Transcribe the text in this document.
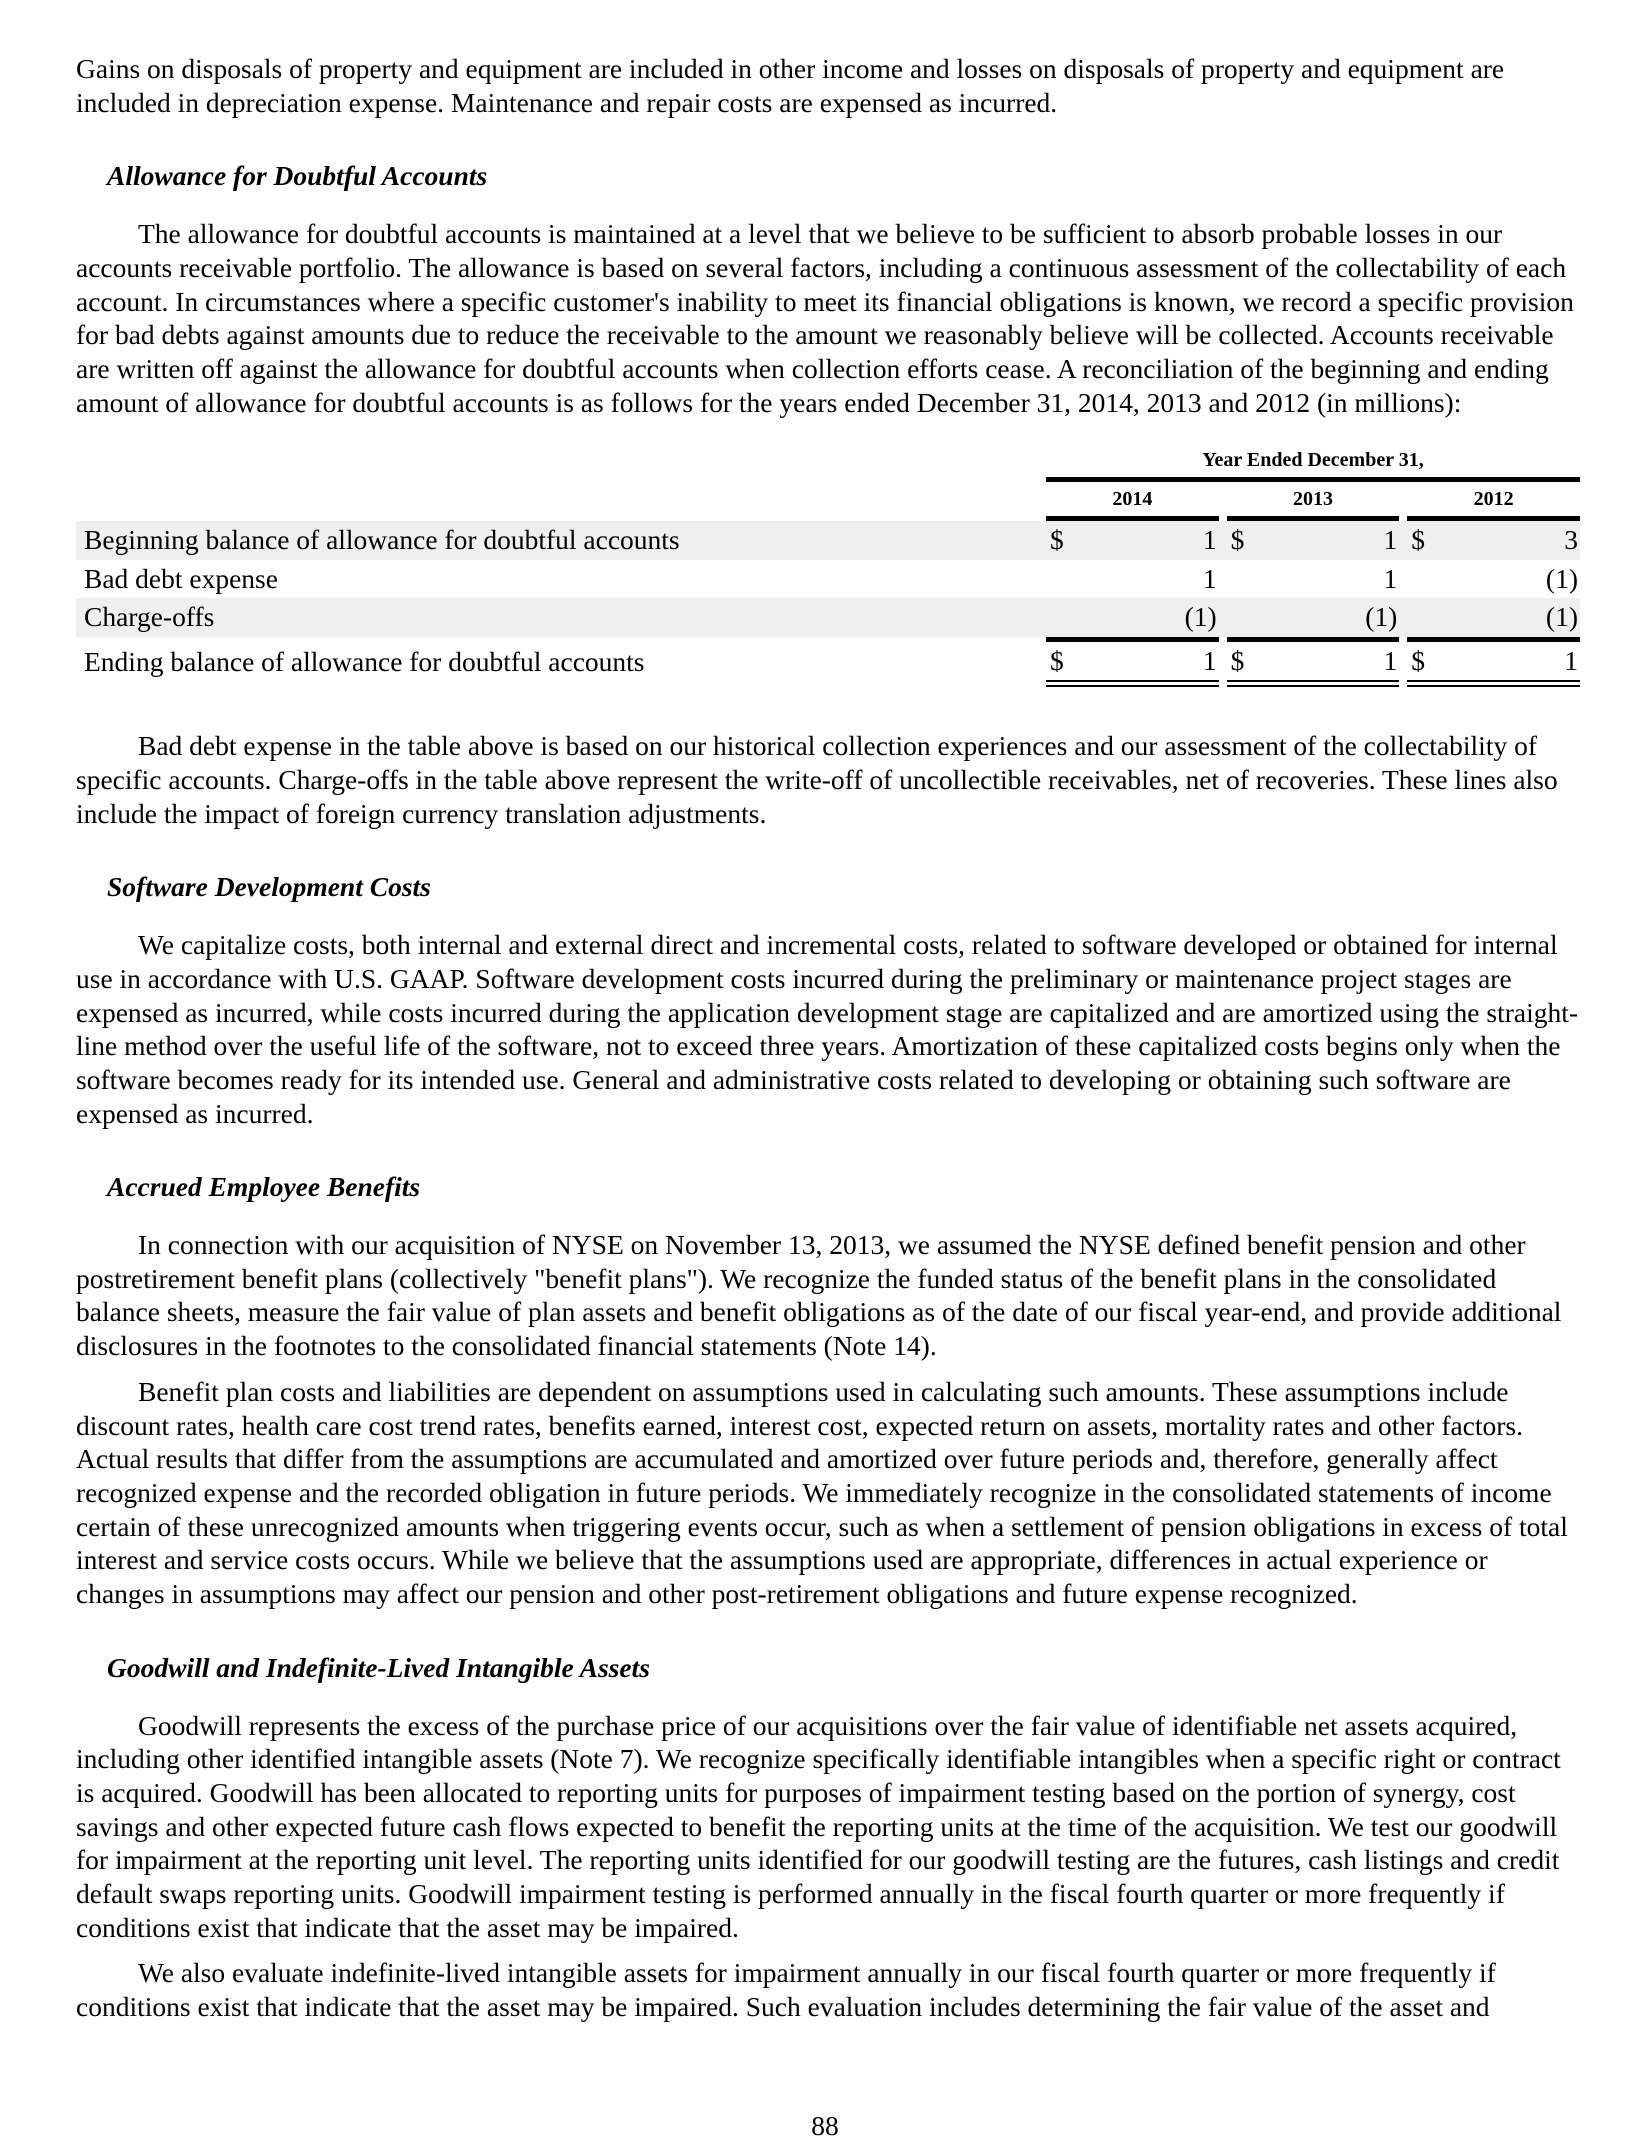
Gains on disposals of property and equipment are included in other income and losses on disposals of property and equipment are included in depreciation expense. Maintenance and repair costs are expensed as incurred.

Allowance for Doubtful Accounts

The allowance for doubtful accounts is maintained at a level that we believe to be sufficient to absorb probable losses in our accounts receivable portfolio. The allowance is based on several factors, including a continuous assessment of the collectability of each account. In circumstances where a specific customer's inability to meet its financial obligations is known, we record a specific provision for bad debts against amounts due to reduce the receivable to the amount we reasonably believe will be collected. Accounts receivable are written off against the allowance for doubtful accounts when collection efforts cease. A reconciliation of the beginning and ending amount of allowance for doubtful accounts is as follows for the years ended December 31, 2014, 2013 and 2012 (in millions):

	Year Ended December 31,							
	2014			2013			2012	
Beginning balance of allowance for doubtful accounts	$	1		$	1		$	3
Bad debt expense		1			1			(1)
Charge-offs		(1)			(1)			(1)
Ending balance of allowance for doubtful accounts	$	1		$	1		$	1

Bad debt expense in the table above is based on our historical collection experiences and our assessment of the collectability of specific accounts. Charge-offs in the table above represent the write-off of uncollectible receivables, net of recoveries. These lines also include the impact of foreign currency translation adjustments.

Software Development Costs

We capitalize costs, both internal and external direct and incremental costs, related to software developed or obtained for internal use in accordance with U.S. GAAP. Software development costs incurred during the preliminary or maintenance project stages are expensed as incurred, while costs incurred during the application development stage are capitalized and are amortized using the straight-line method over the useful life of the software, not to exceed three years. Amortization of these capitalized costs begins only when the software becomes ready for its intended use. General and administrative costs related to developing or obtaining such software are expensed as incurred.

Accrued Employee Benefits

In connection with our acquisition of NYSE on November 13, 2013, we assumed the NYSE defined benefit pension and other postretirement benefit plans (collectively "benefit plans"). We recognize the funded status of the benefit plans in the consolidated balance sheets, measure the fair value of plan assets and benefit obligations as of the date of our fiscal year-end, and provide additional disclosures in the footnotes to the consolidated financial statements (Note 14).

Benefit plan costs and liabilities are dependent on assumptions used in calculating such amounts. These assumptions include discount rates, health care cost trend rates, benefits earned, interest cost, expected return on assets, mortality rates and other factors. Actual results that differ from the assumptions are accumulated and amortized over future periods and, therefore, generally affect recognized expense and the recorded obligation in future periods. We immediately recognize in the consolidated statements of income certain of these unrecognized amounts when triggering events occur, such as when a settlement of pension obligations in excess of total interest and service costs occurs. While we believe that the assumptions used are appropriate, differences in actual experience or changes in assumptions may affect our pension and other post-retirement obligations and future expense recognized.

Goodwill and Indefinite-Lived Intangible Assets

Goodwill represents the excess of the purchase price of our acquisitions over the fair value of identifiable net assets acquired, including other identified intangible assets (Note 7). We recognize specifically identifiable intangibles when a specific right or contract is acquired. Goodwill has been allocated to reporting units for purposes of impairment testing based on the portion of synergy, cost savings and other expected future cash flows expected to benefit the reporting units at the time of the acquisition. We test our goodwill for impairment at the reporting unit level. The reporting units identified for our goodwill testing are the futures, cash listings and credit default swaps reporting units. Goodwill impairment testing is performed annually in the fiscal fourth quarter or more frequently if conditions exist that indicate that the asset may be impaired.

We also evaluate indefinite-lived intangible assets for impairment annually in our fiscal fourth quarter or more frequently if conditions exist that indicate that the asset may be impaired. Such evaluation includes determining the fair value of the asset and

88
